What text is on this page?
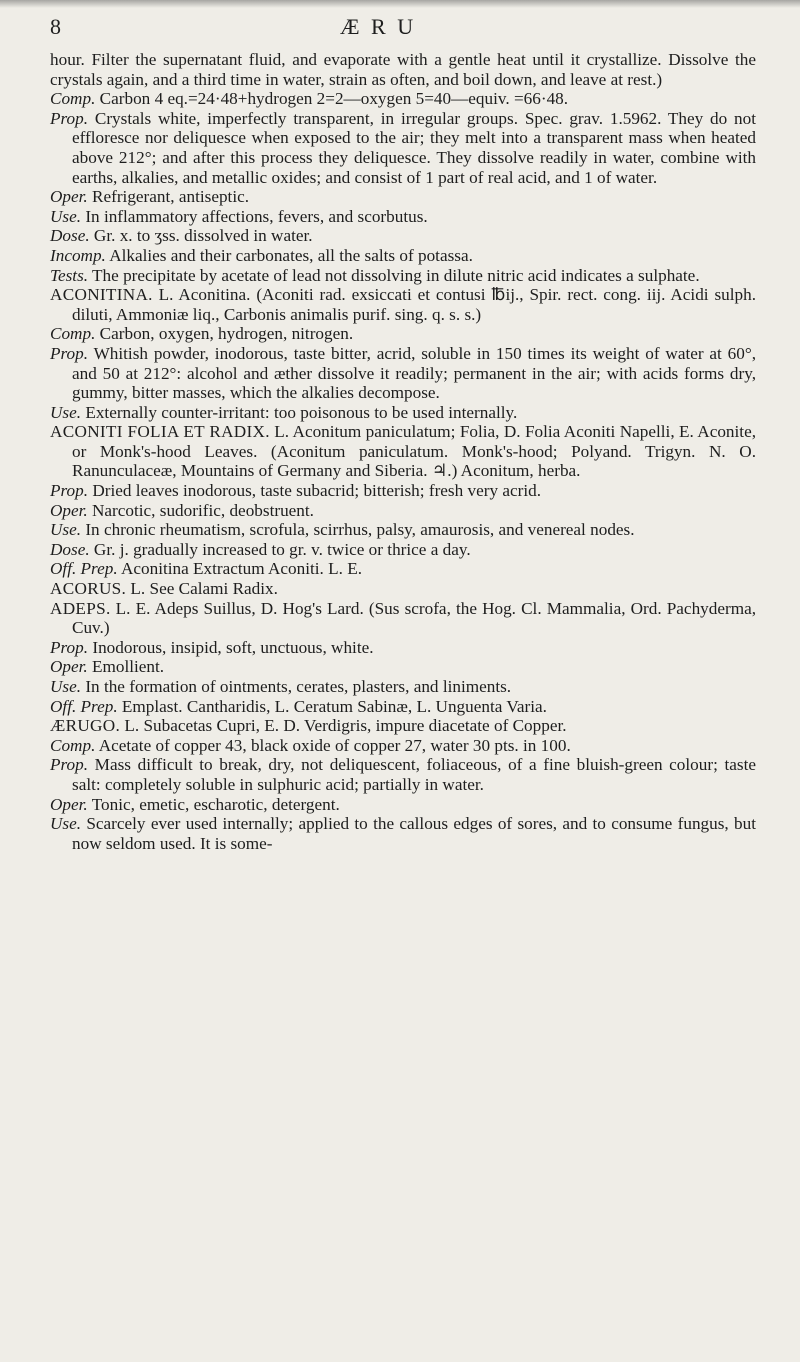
8	Æ R U

hour. Filter the supernatant fluid, and evaporate with a gentle heat until it crystallize. Dissolve the crystals again, and a third time in water, strain as often, and boil down, and leave at rest.)

Comp. Carbon 4 eq.=24·48+hydrogen 2=2—oxygen 5=40—equiv. =66·48.

Prop. Crystals white, imperfectly transparent, in irregular groups. Spec. grav. 1.5962. They do not effloresce nor deliquesce when exposed to the air; they melt into a transparent mass when heated above 212°; and after this process they deliquesce. They dissolve readily in water, combine with earths, alkalies, and metallic oxides; and consist of 1 part of real acid, and 1 of water.

Oper. Refrigerant, antiseptic.

Use. In inflammatory affections, fevers, and scorbutus.

Dose. Gr. x. to ʒss. dissolved in water.

Incomp. Alkalies and their carbonates, all the salts of potassa.

Tests. The precipitate by acetate of lead not dissolving in dilute nitric acid indicates a sulphate.

ACONITINA. L. Aconitina. (Aconiti rad. exsiccati et contusi ℔ij., Spir. rect. cong. iij. Acidi sulph. diluti, Ammoniæ liq., Carbonis animalis purif. sing. q. s. s.)

Comp. Carbon, oxygen, hydrogen, nitrogen.

Prop. Whitish powder, inodorous, taste bitter, acrid, soluble in 150 times its weight of water at 60°, and 50 at 212°: alcohol and æther dissolve it readily; permanent in the air; with acids forms dry, gummy, bitter masses, which the alkalies decompose.

Use. Externally counter-irritant: too poisonous to be used internally.

ACONITI FOLIA ET RADIX. L. Aconitum paniculatum; Folia, D. Folia Aconiti Napelli, E. Aconite, or Monk's-hood Leaves. (Aconitum paniculatum. Monk's-hood; Polyand. Trigyn. N. O. Ranunculaceæ, Mountains of Germany and Siberia. ♃.) Aconitum, herba.

Prop. Dried leaves inodorous, taste subacrid; bitterish; fresh very acrid.

Oper. Narcotic, sudorific, deobstruent.

Use. In chronic rheumatism, scrofula, scirrhus, palsy, amaurosis, and venereal nodes.

Dose. Gr. j. gradually increased to gr. v. twice or thrice a day.

Off. Prep. Aconitina Extractum Aconiti. L. E.

ACORUS. L. See Calami Radix.

ADEPS. L. E. Adeps Suillus, D. Hog's Lard. (Sus scrofa, the Hog. Cl. Mammalia, Ord. Pachyderma, Cuv.)

Prop. Inodorous, insipid, soft, unctuous, white.

Oper. Emollient.

Use. In the formation of ointments, cerates, plasters, and liniments.

Off. Prep. Emplast. Cantharidis, L. Ceratum Sabinæ, L. Unguenta Varia.

ÆRUGO. L. Subacetas Cupri, E. D. Verdigris, impure diacetate of Copper.

Comp. Acetate of copper 43, black oxide of copper 27, water 30 pts. in 100.

Prop. Mass difficult to break, dry, not deliquescent, foliaceous, of a fine bluish-green colour; taste salt: completely soluble in sulphuric acid; partially in water.

Oper. Tonic, emetic, escharotic, detergent.

Use. Scarcely ever used internally; applied to the callous edges of sores, and to consume fungus, but now seldom used. It is some-
